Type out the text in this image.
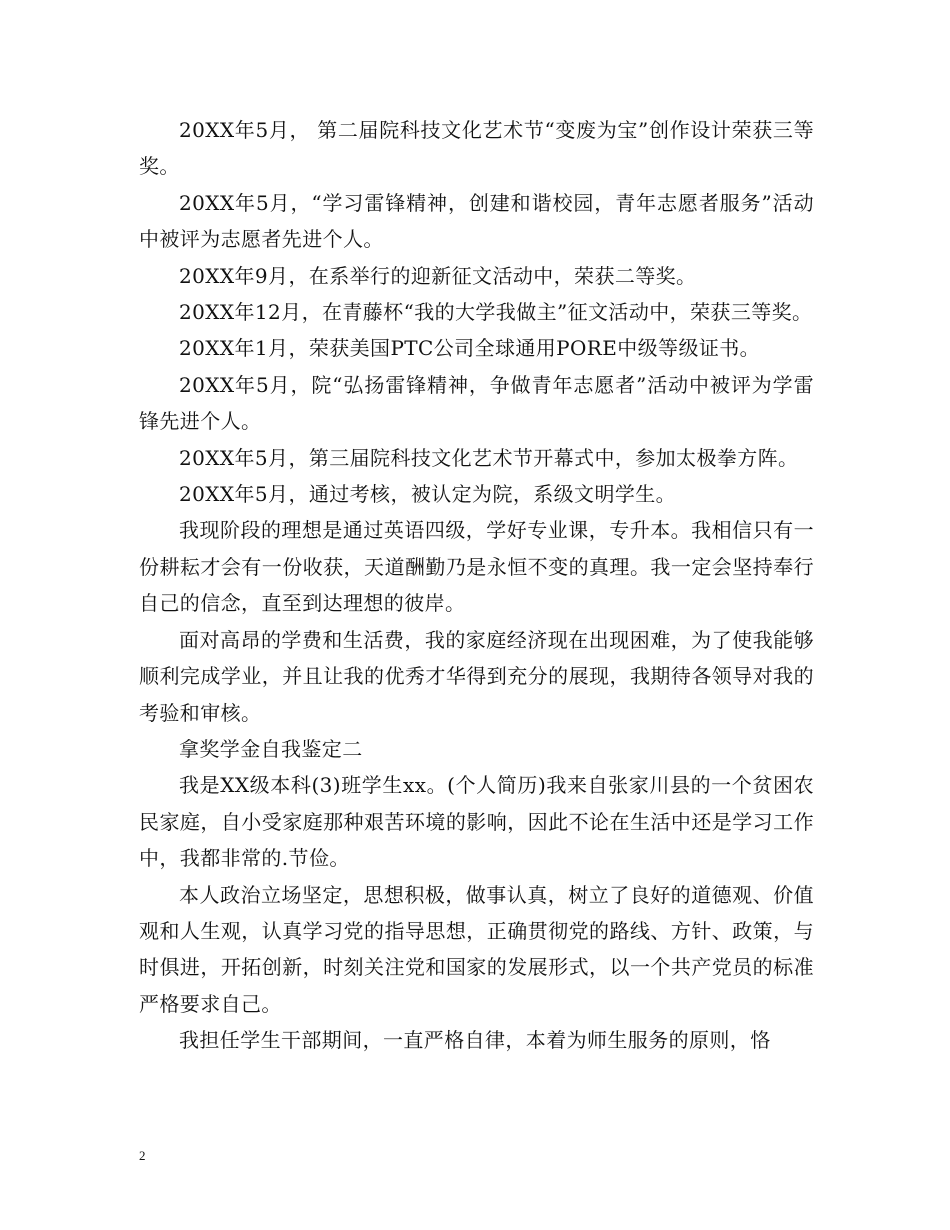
20XX年5月， 第二届院科技文化艺术节“变废为宝”创作设计荣获三等奖。

20XX年5月，“学习雷锋精神，创建和谐校园，青年志愿者服务”活动中被评为志愿者先进个人。

20XX年9月，在系举行的迎新征文活动中，荣获二等奖。

20XX年12月，在青藤杯“我的大学我做主”征文活动中，荣获三等奖。

20XX年1月，荣获美国PTC公司全球通用PORE中级等级证书。

20XX年5月，院“弘扬雷锋精神，争做青年志愿者”活动中被评为学雷锋先进个人。

20XX年5月，第三届院科技文化艺术节开幕式中，参加太极拳方阵。

20XX年5月，通过考核，被认定为院，系级文明学生。

我现阶段的理想是通过英语四级，学好专业课，专升本。我相信只有一份耕耘才会有一份收获，天道酬勤乃是永恒不变的真理。我一定会坚持奉行自己的信念，直至到达理想的彼岸。

面对高昂的学费和生活费，我的家庭经济现在出现困难，为了使我能够顺利完成学业，并且让我的优秀才华得到充分的展现，我期待各领导对我的考验和审核。

拿奖学金自我鉴定二

我是XX级本科(3)班学生xx。(个人简历)我来自张家川县的一个贫困农民家庭，自小受家庭那种艰苦环境的影响，因此不论在生活中还是学习工作中，我都非常的.节俭。

本人政治立场坚定，思想积极，做事认真，树立了良好的道德观、价值观和人生观，认真学习党的指导思想，正确贯彻党的路线、方针、政策，与时俱进，开拓创新，时刻关注党和国家的发展形式，以一个共产党员的标准严格要求自己。

我担任学生干部期间，一直严格自律，本着为师生服务的原则，恪

2
